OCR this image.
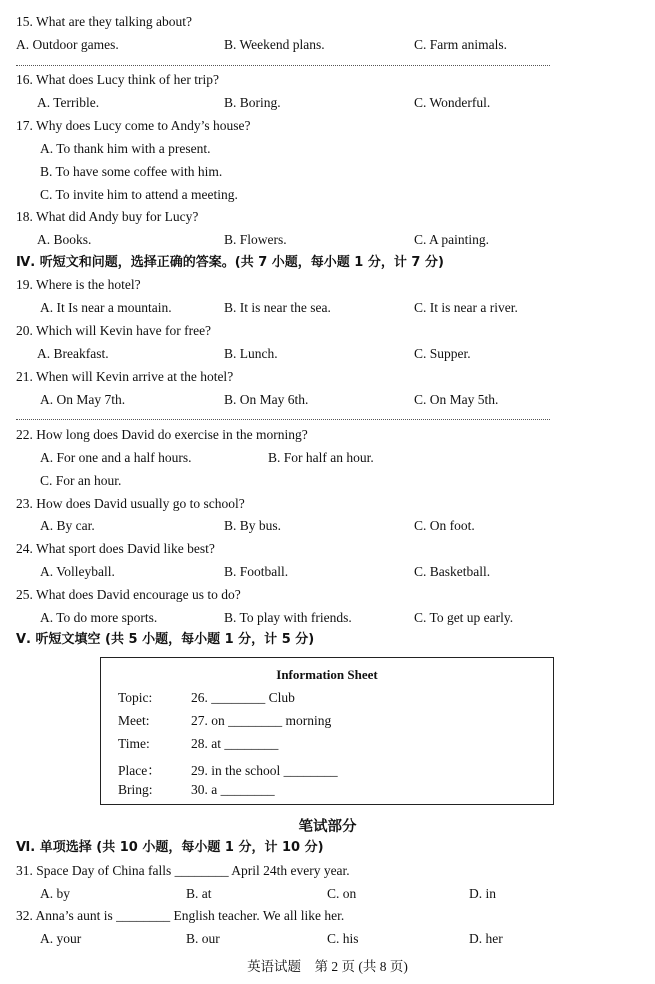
15. What are they talking about?
A. Outdoor games.	B. Weekend plans.	C. Farm animals.
16. What does Lucy think of her trip?
A. Terrible.	B. Boring.	C. Wonderful.
17. Why does Lucy come to Andy’s house?
A. To thank him with a present.
B. To have some coffee with him.
C. To invite him to attend a meeting.
18. What did Andy buy for Lucy?
A. Books.	B. Flowers.	C. A painting.
Ⅳ. 听短文和问题，选择正确的答案。(共 7 小题，每小题 1 分，计 7 分)
19. Where is the hotel?
A. It Is near a mountain.	B. It is near the sea.	C. It is near a river.
20. Which will Kevin have for free?
A. Breakfast.	B. Lunch.	C. Supper.
21. When will Kevin arrive at the hotel?
A. On May 7th.	B. On May 6th.	C. On May 5th.
22. How long does David do exercise in the morning?
A. For one and a half hours.	B. For half an hour.
C. For an hour.
23. How does David usually go to school?
A. By car.	B. By bus.	C. On foot.
24. What sport does David like best?
A. Volleyball.	B. Football.	C. Basketball.
25. What does David encourage us to do?
A. To do more sports.	B. To play with friends.	C. To get up early.
Ⅴ. 听短文填空 (共 5 小题，每小题 1 分，计 5 分)
Information Sheet
Topic:	26. ________ Club
Meet:	27. on ________ morning
Time:	28. at ________
Place： 29. in the school ________
Bring:	30. a ________
笔试部分
Ⅵ. 单项选择 (共 10 小题，每小题 1 分，计 10 分)
31. Space Day of China falls ________ April 24th every year.
A. by	B. at	C. on	D. in
32. Anna’s aunt is ________ English teacher. We all like her.
A. your	B. our	C. his	D. her
英语试题　第 2 页 (共 8 页)
